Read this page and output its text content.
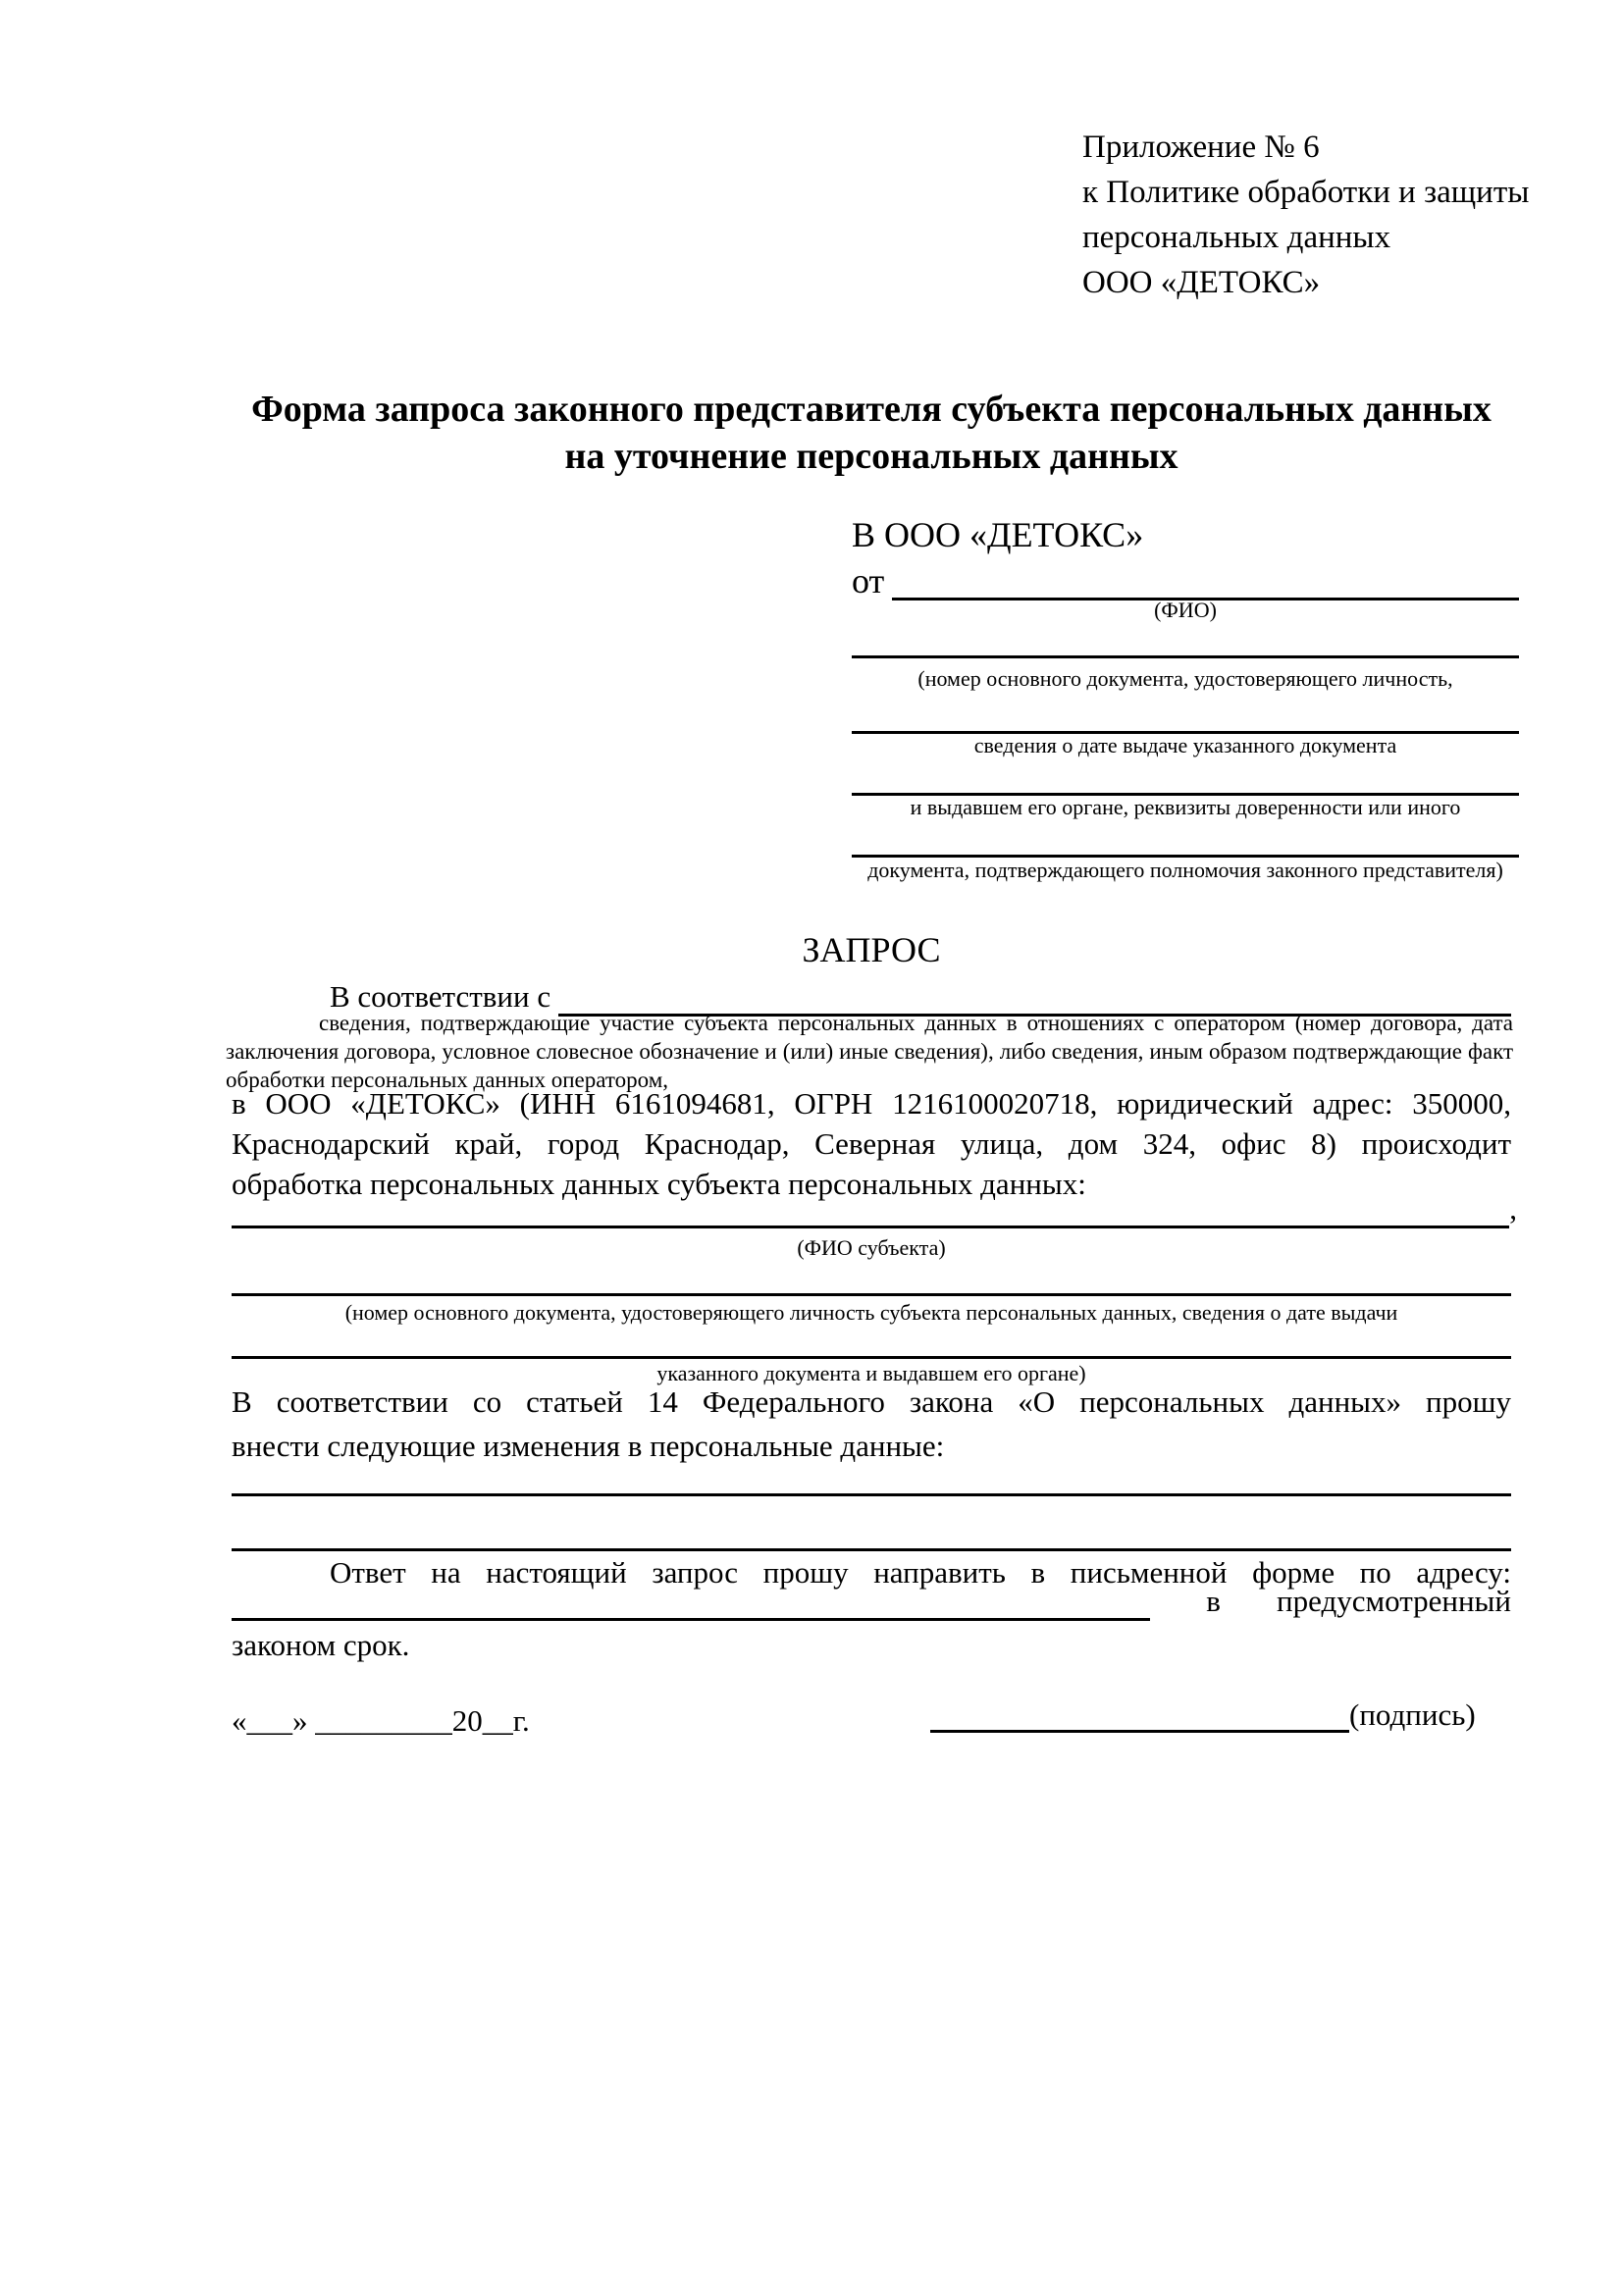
Приложение № 6
к Политике обработки и защиты
персональных данных
ООО «ДЕТОКС»
Форма запроса законного представителя субъекта персональных данных
на уточнение персональных данных
В ООО «ДЕТОКС»
от
(ФИО)
(номер основного документа, удостоверяющего личность,
сведения о дате выдаче указанного документа
и выдавшем его органе, реквизиты доверенности или иного
документа, подтверждающего полномочия законного представителя)
ЗАПРОС
В соответствии с
сведения, подтверждающие участие субъекта персональных данных в отношениях с оператором (номер договора, дата
заключения договора, условное словесное обозначение и (или) иные сведения), либо сведения, иным образом подтверждающие факт
обработки персональных данных оператором,
в ООО «ДЕТОКС» (ИНН 6161094681, ОГРН 1216100020718, юридический адрес: 350000,
Краснодарский край, город Краснодар, Северная улица, дом 324, офис 8) происходит
обработка персональных данных субъекта персональных данных:
,
(ФИО субъекта)
(номер основного документа, удостоверяющего личность субъекта персональных данных, сведения о дате выдачи
указанного документа и выдавшем его органе)
В соответствии со статьей 14 Федерального закона «О персональных данных» прошу
внести следующие изменения в персональные данные:
Ответ на настоящий запрос прошу направить в письменной форме по адресу:
в предусмотренный
законом срок.
«___» _________20__г.	(подпись)
